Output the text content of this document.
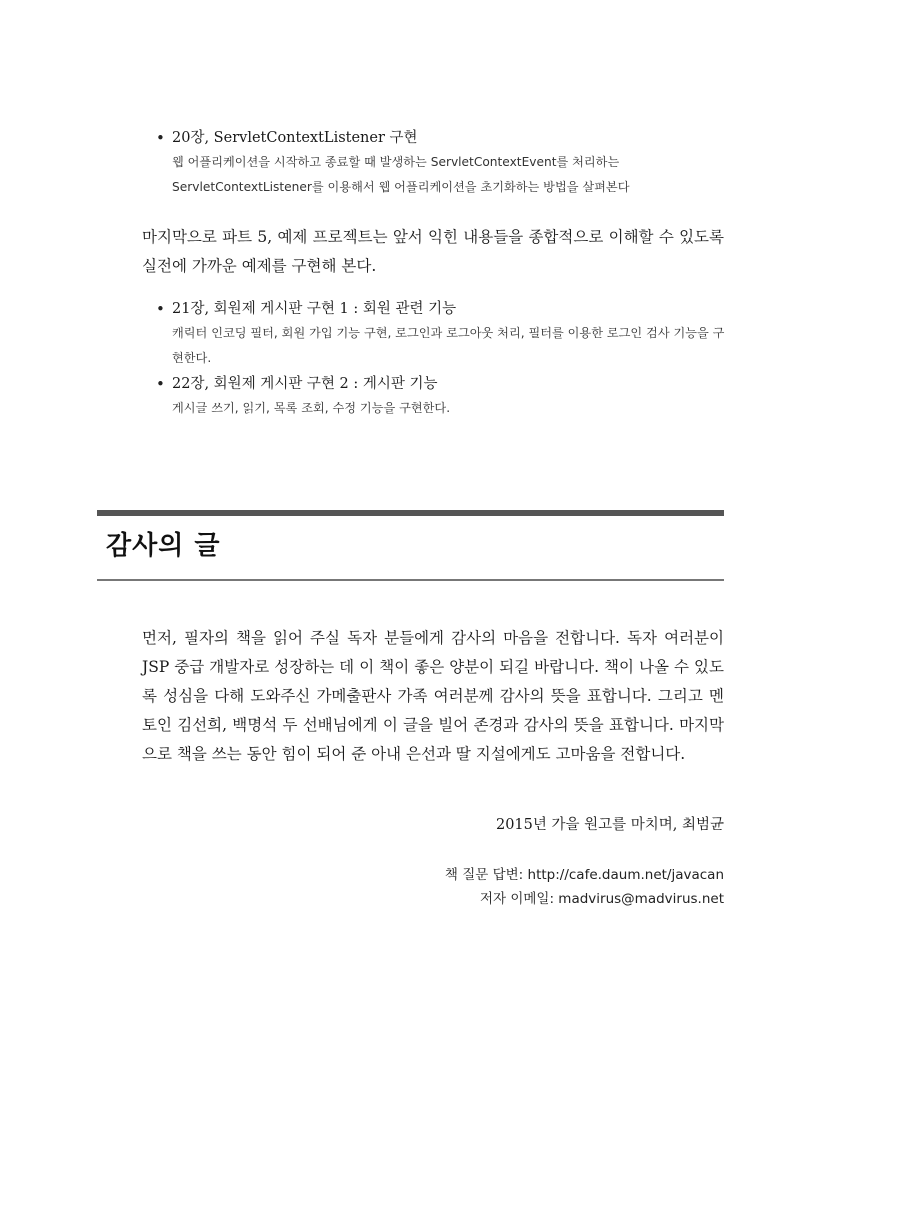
• 20장, ServletContextListener 구현
웹 어플리케이션을 시작하고 종료할 때 발생하는 ServletContextEvent를 처리하는 ServletContextListener를 이용해서 웹 어플리케이션을 초기화하는 방법을 살펴본다

마지막으로 파트 5, 예제 프로젝트는 앞서 익힌 내용들을 종합적으로 이해할 수 있도록 실전에 가까운 예제를 구현해 본다.

• 21장, 회원제 게시판 구현 1 : 회원 관련 기능
캐릭터 인코딩 필터, 회원 가입 기능 구현, 로그인과 로그아웃 처리, 필터를 이용한 로그인 검사 기능을 구현한다.
• 22장, 회원제 게시판 구현 2 : 게시판 기능
게시글 쓰기, 읽기, 목록 조회, 수정 기능을 구현한다.
감사의 글

먼저, 필자의 책을 읽어 주실 독자 분들에게 감사의 마음을 전합니다. 독자 여러분이 JSP 중급 개발자로 성장하는 데 이 책이 좋은 양분이 되길 바랍니다. 책이 나올 수 있도록 성심을 다해 도와주신 가메출판사 가족 여러분께 감사의 뜻을 표합니다. 그리고 멘토인 김선희, 백명석 두 선배님에게 이 글을 빌어 존경과 감사의 뜻을 표합니다. 마지막으로 책을 쓰는 동안 힘이 되어 준 아내 은선과 딸 지설에게도 고마움을 전합니다.

2015년 가을 원고를 마치며, 최범균
책 질문 답변: http://cafe.daum.net/javacan
저자 이메일: madvirus@madvirus.net
